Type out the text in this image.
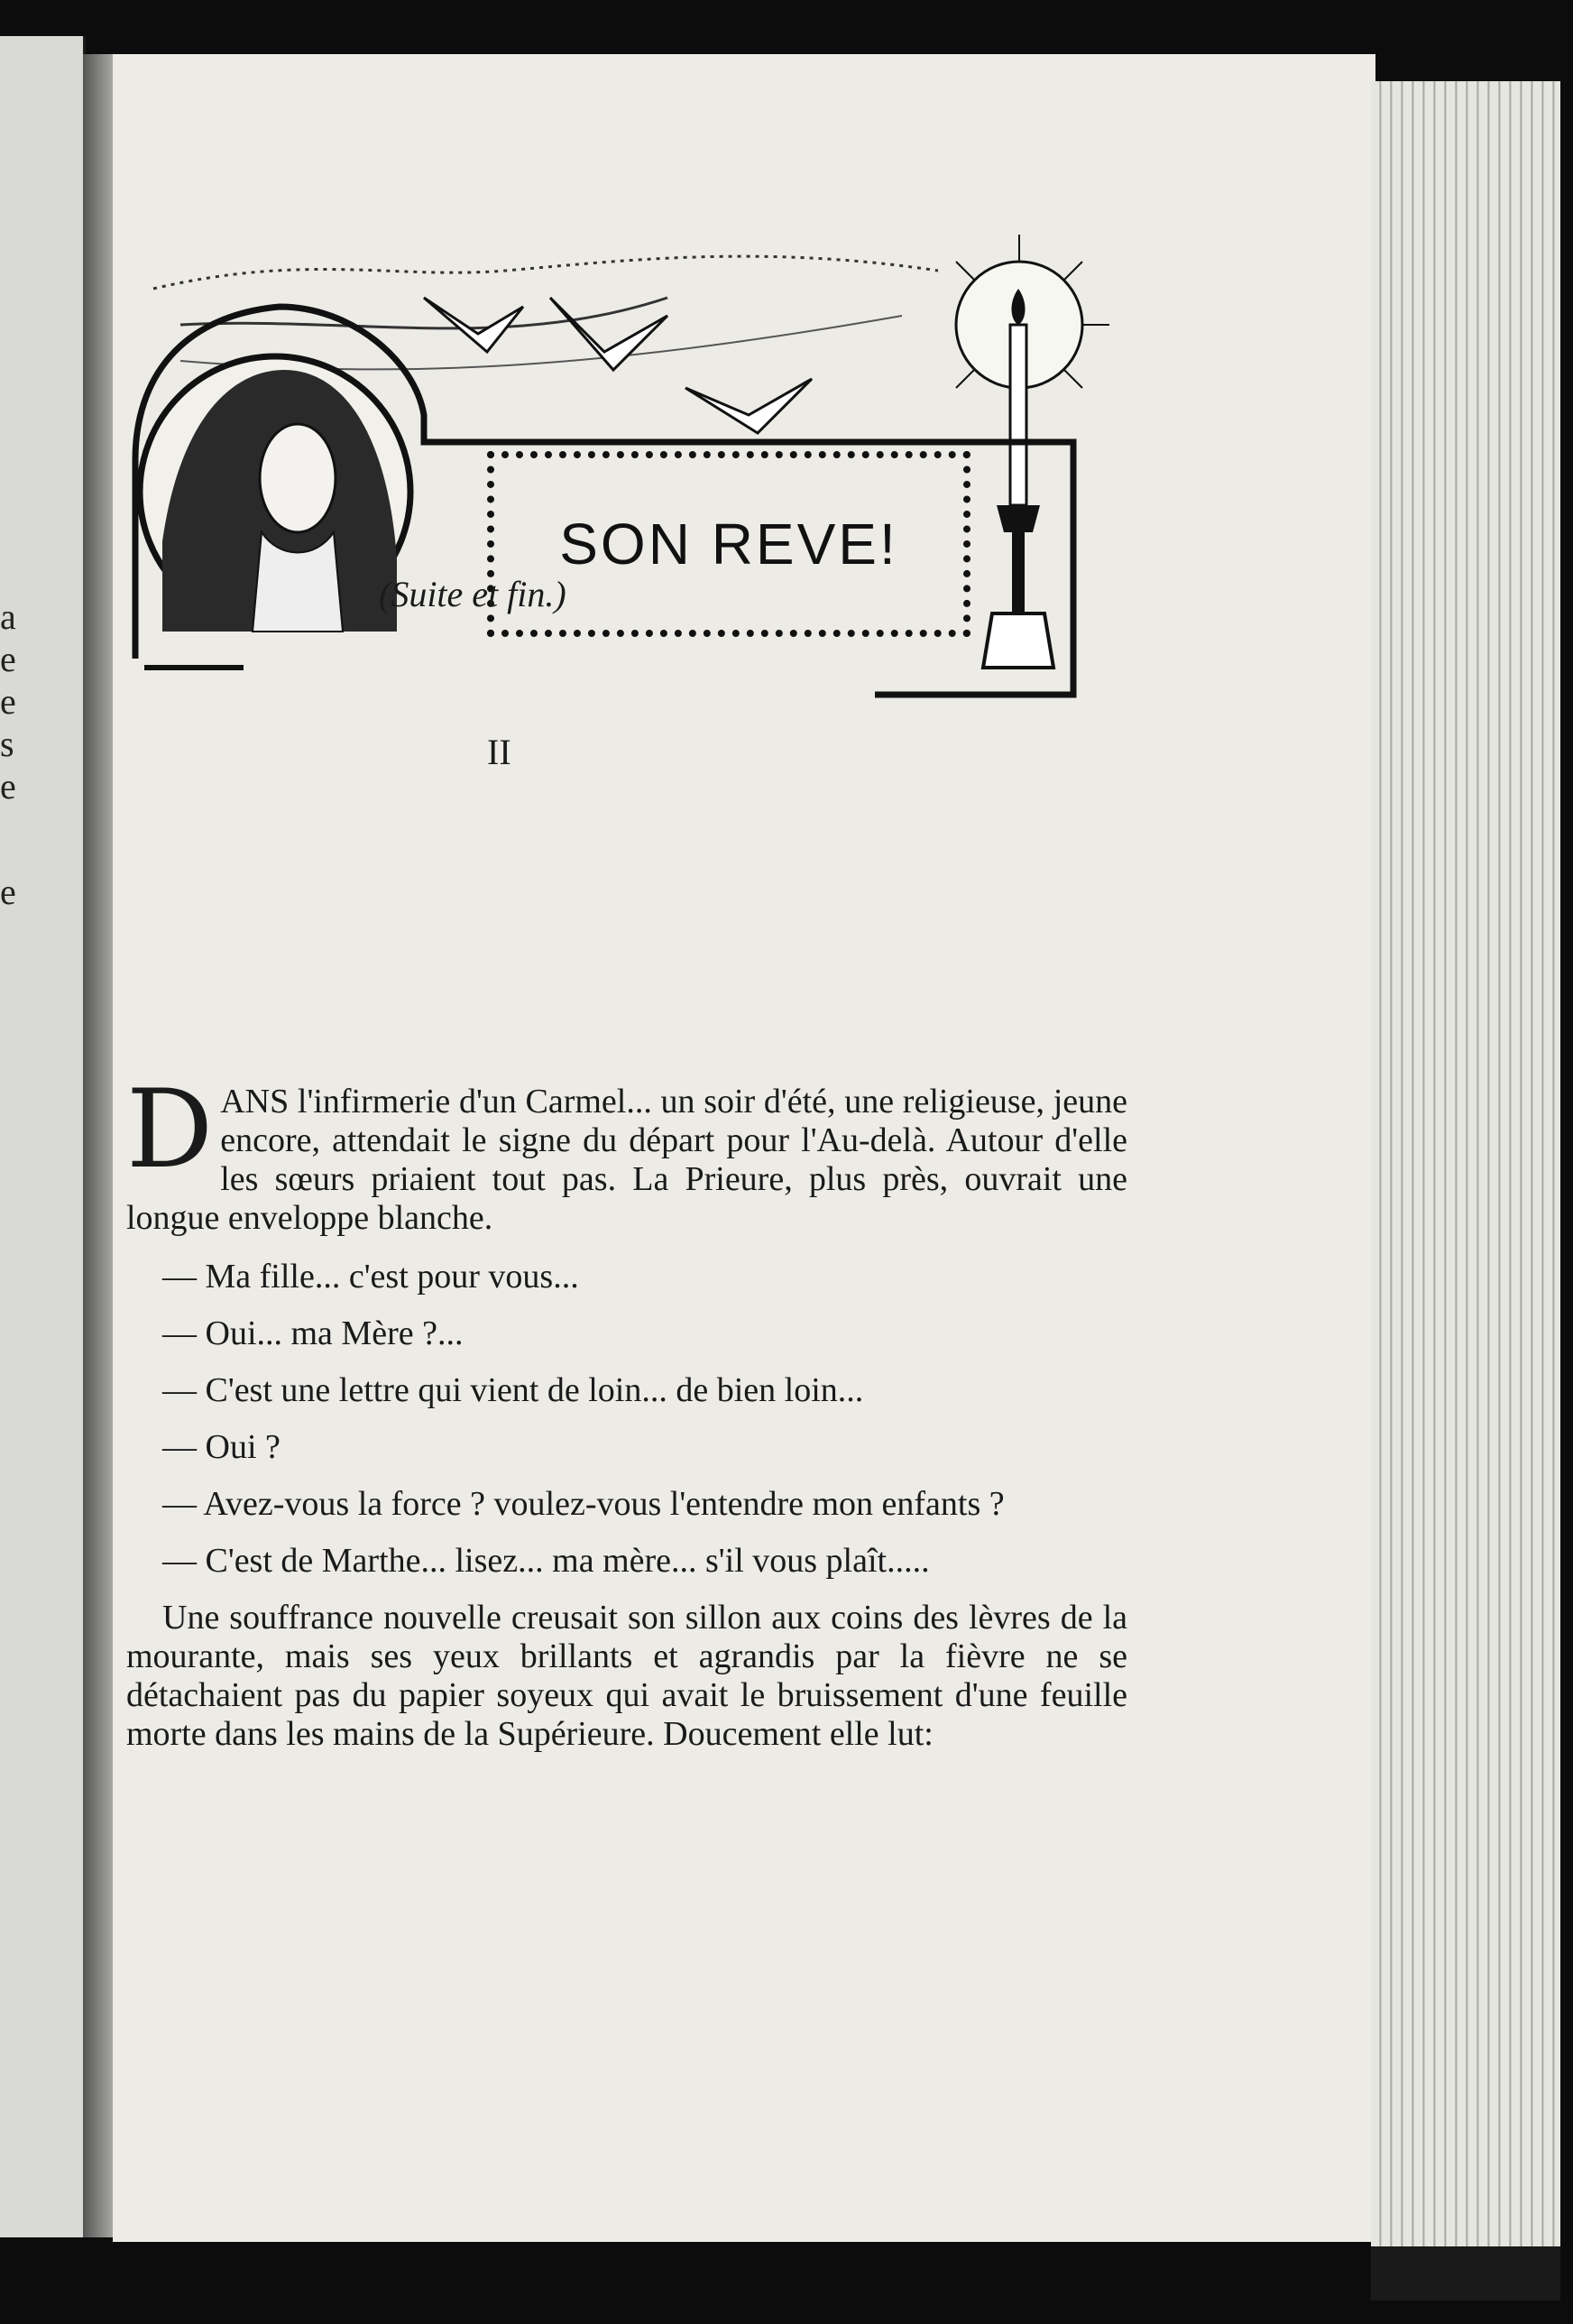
a
e
e
s
e
e
SON REVE!
(Suite et fin.)
II

D ANS l'infirmerie d'un Carmel... un soir d'été, une religieuse, jeune encore, attendait le signe du départ pour l'Au-delà. Autour d'elle les sœurs priaient tout pas. La Prieure, plus près, ouvrait une longue enveloppe blanche.

— Ma fille... c'est pour vous...

— Oui... ma Mère ?...

— C'est une lettre qui vient de loin... de bien loin...

— Oui ?

— Avez-vous la force ? voulez-vous l'entendre mon enfants ?

— C'est de Marthe... lisez... ma mère... s'il vous plaît.....

Une souffrance nouvelle creusait son sillon aux coins des lèvres de la mourante, mais ses yeux brillants et agrandis par la fièvre ne se détachaient pas du papier soyeux qui avait le bruissement d'une feuille morte dans les mains de la Supérieure. Doucement elle lut:
